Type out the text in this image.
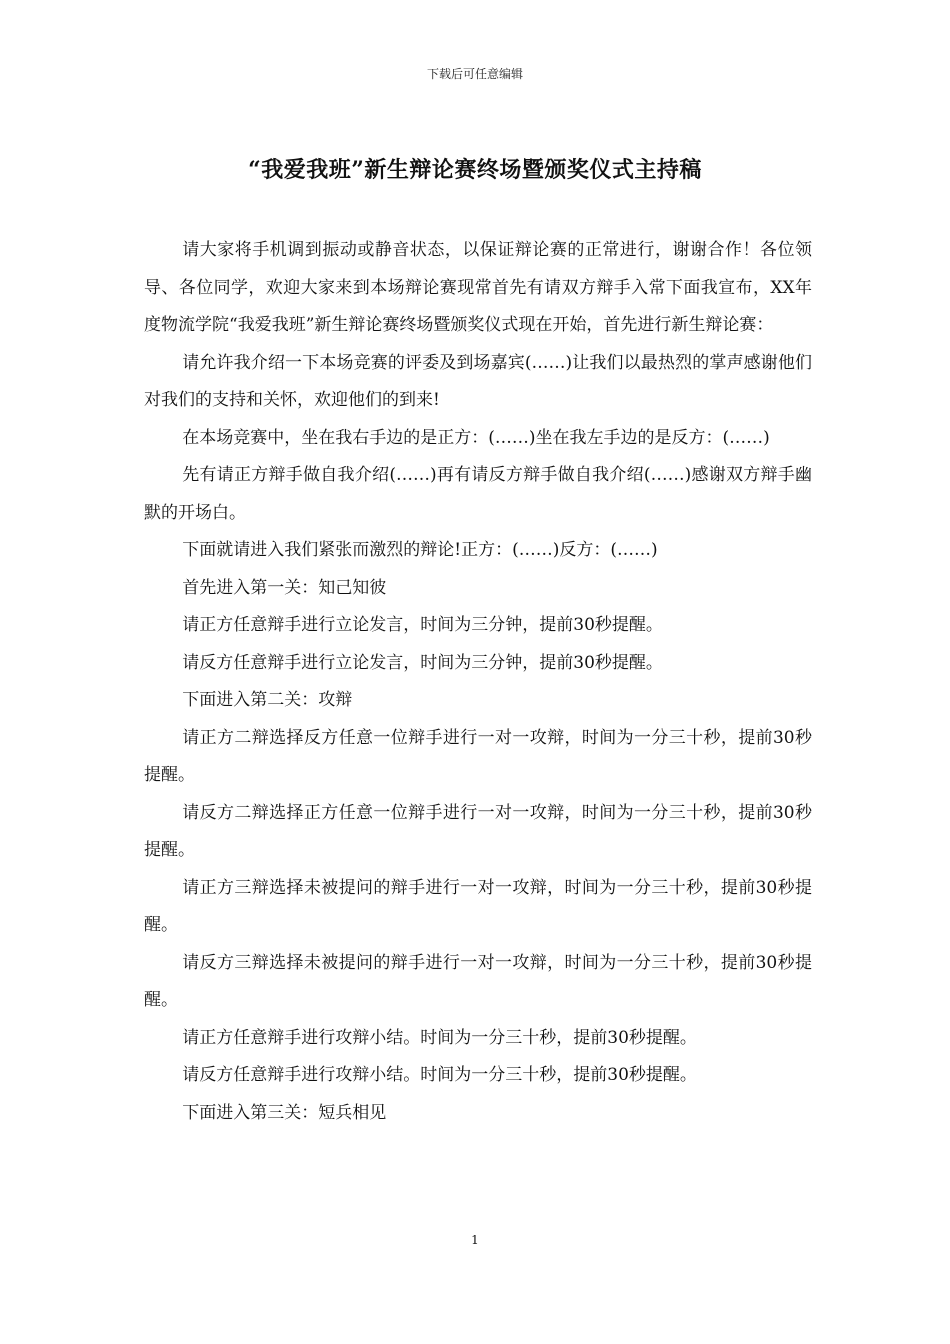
下载后可任意编辑
“我爱我班”新生辩论赛终场暨颁奖仪式主持稿

请大家将手机调到振动或静音状态，以保证辩论赛的正常进行，谢谢合作！各位领导、各位同学，欢迎大家来到本场辩论赛现常首先有请双方辩手入常下面我宣布，XX年度物流学院“我爱我班”新生辩论赛终场暨颁奖仪式现在开始，首先进行新生辩论赛：

请允许我介绍一下本场竞赛的评委及到场嘉宾(……)让我们以最热烈的掌声感谢他们对我们的支持和关怀，欢迎他们的到来!

在本场竞赛中，坐在我右手边的是正方：(……)坐在我左手边的是反方：(……)

先有请正方辩手做自我介绍(……)再有请反方辩手做自我介绍(……)感谢双方辩手幽默的开场白。

下面就请进入我们紧张而激烈的辩论!正方：(……)反方：(……)

首先进入第一关：知己知彼

请正方任意辩手进行立论发言，时间为三分钟，提前30秒提醒。

请反方任意辩手进行立论发言，时间为三分钟，提前30秒提醒。

下面进入第二关：攻辩

请正方二辩选择反方任意一位辩手进行一对一攻辩，时间为一分三十秒，提前30秒提醒。

请反方二辩选择正方任意一位辩手进行一对一攻辩，时间为一分三十秒，提前30秒提醒。

请正方三辩选择未被提问的辩手进行一对一攻辩，时间为一分三十秒，提前30秒提醒。

请反方三辩选择未被提问的辩手进行一对一攻辩，时间为一分三十秒，提前30秒提醒。

请正方任意辩手进行攻辩小结。时间为一分三十秒，提前30秒提醒。

请反方任意辩手进行攻辩小结。时间为一分三十秒，提前30秒提醒。

下面进入第三关：短兵相见

1
